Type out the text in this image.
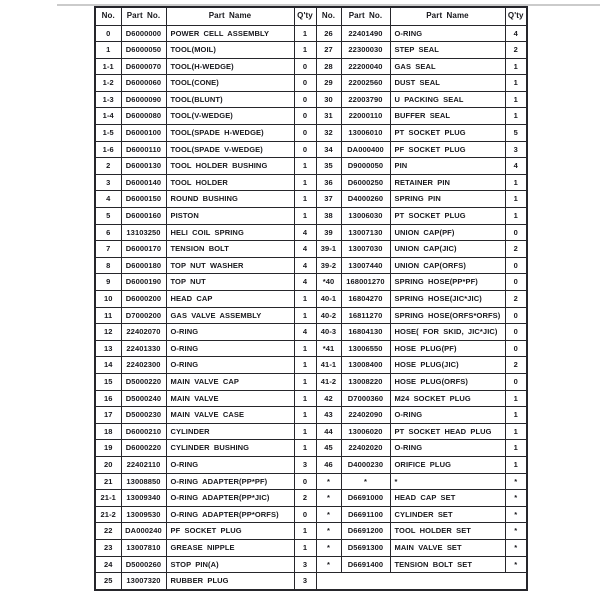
No.	Part No.	Part Name	Q'ty	No.	Part No.	Part Name	Q'ty
0	D6000000	POWER CELL ASSEMBLY	1	26	22401490	O-RING	4
1	D6000050	TOOL(MOIL)	1	27	22300030	STEP SEAL	2
1-1	D6000070	TOOL(H-WEDGE)	0	28	22200040	GAS SEAL	1
1-2	D6000060	TOOL(CONE)	0	29	22002560	DUST SEAL	1
1-3	D6000090	TOOL(BLUNT)	0	30	22003790	U PACKING SEAL	1
1-4	D6000080	TOOL(V-WEDGE)	0	31	22000110	BUFFER SEAL	1
1-5	D6000100	TOOL(SPADE H-WEDGE)	0	32	13006010	PT SOCKET PLUG	5
1-6	D6000110	TOOL(SPADE V-WEDGE)	0	34	DA000400	PF SOCKET PLUG	3
2	D6000130	TOOL HOLDER BUSHING	1	35	D9000050	PIN	4
3	D6000140	TOOL HOLDER	1	36	D6000250	RETAINER PIN	1
4	D6000150	ROUND BUSHING	1	37	D4000260	SPRING PIN	1
5	D6000160	PISTON	1	38	13006030	PT SOCKET PLUG	1
6	13103250	HELI COIL SPRING	4	39	13007130	UNION CAP(PF)	0
7	D6000170	TENSION BOLT	4	39-1	13007030	UNION CAP(JIC)	2
8	D6000180	TOP NUT WASHER	4	39-2	13007440	UNION CAP(ORFS)	0
9	D6000190	TOP NUT	4	*40	168001270	SPRING HOSE(PP*PF)	0
10	D6000200	HEAD CAP	1	40-1	16804270	SPRING HOSE(JIC*JIC)	2
11	D7000200	GAS VALVE ASSEMBLY	1	40-2	16811270	SPRING HOSE(ORFS*ORFS)	0
12	22402070	O-RING	4	40-3	16804130	HOSE( FOR SKID, JIC*JIC)	0
13	22401330	O-RING	1	*41	13006550	HOSE PLUG(PF)	0
14	22402300	O-RING	1	41-1	13008400	HOSE PLUG(JIC)	2
15	D5000220	MAIN VALVE CAP	1	41-2	13008220	HOSE PLUG(ORFS)	0
16	D5000240	MAIN VALVE	1	42	D7000360	M24 SOCKET PLUG	1
17	D5000230	MAIN VALVE CASE	1	43	22402090	O-RING	1
18	D6000210	CYLINDER	1	44	13006020	PT SOCKET HEAD PLUG	1
19	D6000220	CYLINDER BUSHING	1	45	22402020	O-RING	1
20	22402110	O-RING	3	46	D4000230	ORIFICE PLUG	1
21	13008850	O-RING ADAPTER(PP*PF)	0	*	*	*	*
21-1	13009340	O-RING ADAPTER(PP*JIC)	2	*	D6691000	HEAD CAP SET	*
21-2	13009530	O-RING ADAPTER(PP*ORFS)	0	*	D6691100	CYLINDER SET	*
22	DA000240	PF SOCKET PLUG	1	*	D6691200	TOOL HOLDER SET	*
23	13007810	GREASE NIPPLE	1	*	D5691300	MAIN VALVE SET	*
24	D5000260	STOP PIN(A)	3	*	D6691400	TENSION BOLT SET	*
25	13007320	RUBBER PLUG	3				
